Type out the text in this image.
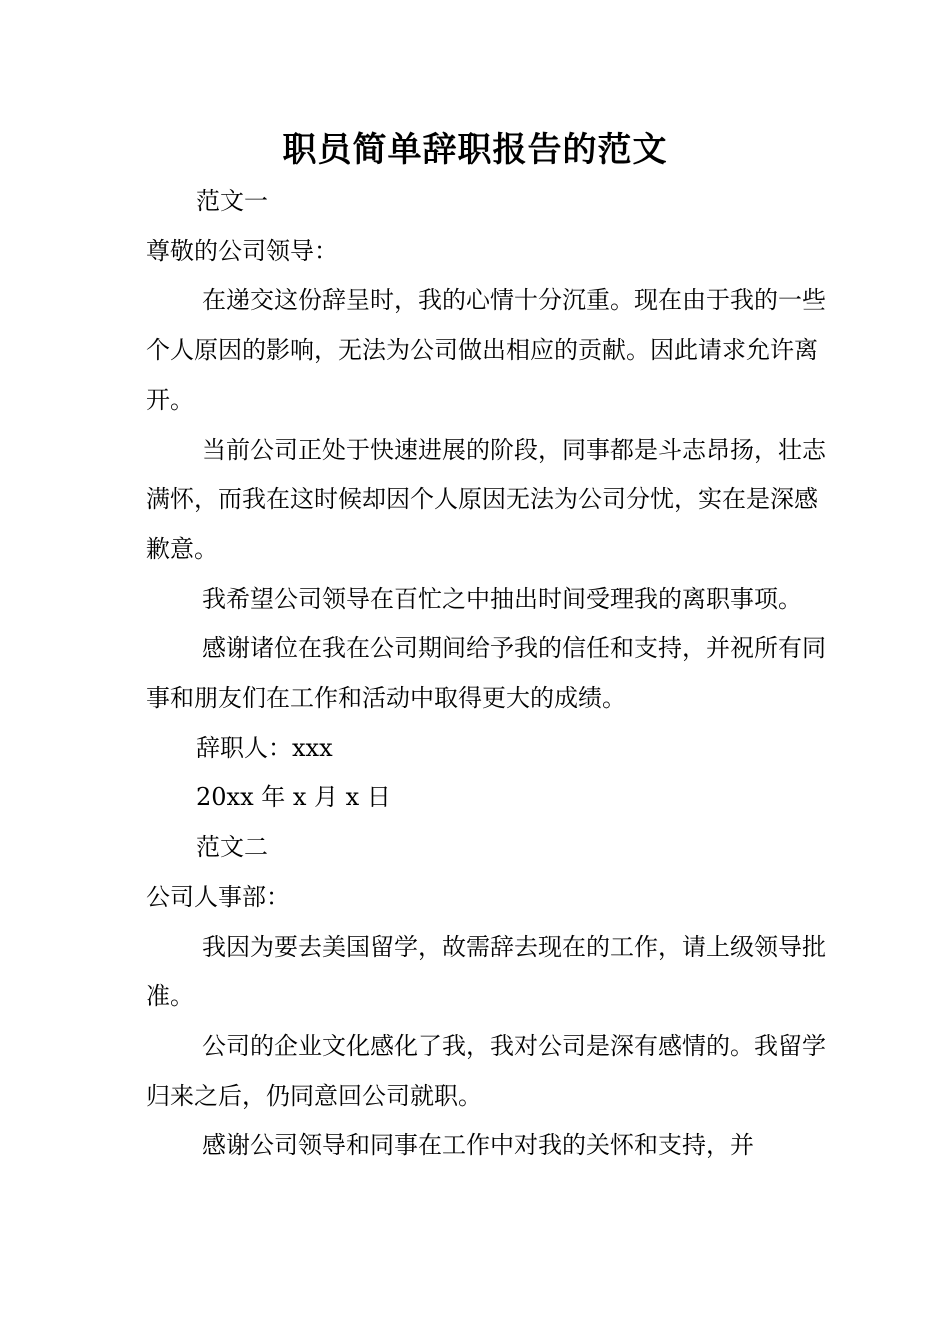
职员简单辞职报告的范文

范文一

尊敬的公司领导：

在递交这份辞呈时，我的心情十分沉重。现在由于我的一些个人原因的影响，无法为公司做出相应的贡献。因此请求允许离开。

当前公司正处于快速进展的阶段，同事都是斗志昂扬，壮志满怀，而我在这时候却因个人原因无法为公司分忧，实在是深感歉意。

我希望公司领导在百忙之中抽出时间受理我的离职事项。

感谢诸位在我在公司期间给予我的信任和支持，并祝所有同事和朋友们在工作和活动中取得更大的成绩。

辞职人：xxx

20xx 年 x 月 x 日

范文二

公司人事部：

我因为要去美国留学，故需辞去现在的工作，请上级领导批准。

公司的企业文化感化了我，我对公司是深有感情的。我留学归来之后，仍同意回公司就职。

感谢公司领导和同事在工作中对我的关怀和支持，并
